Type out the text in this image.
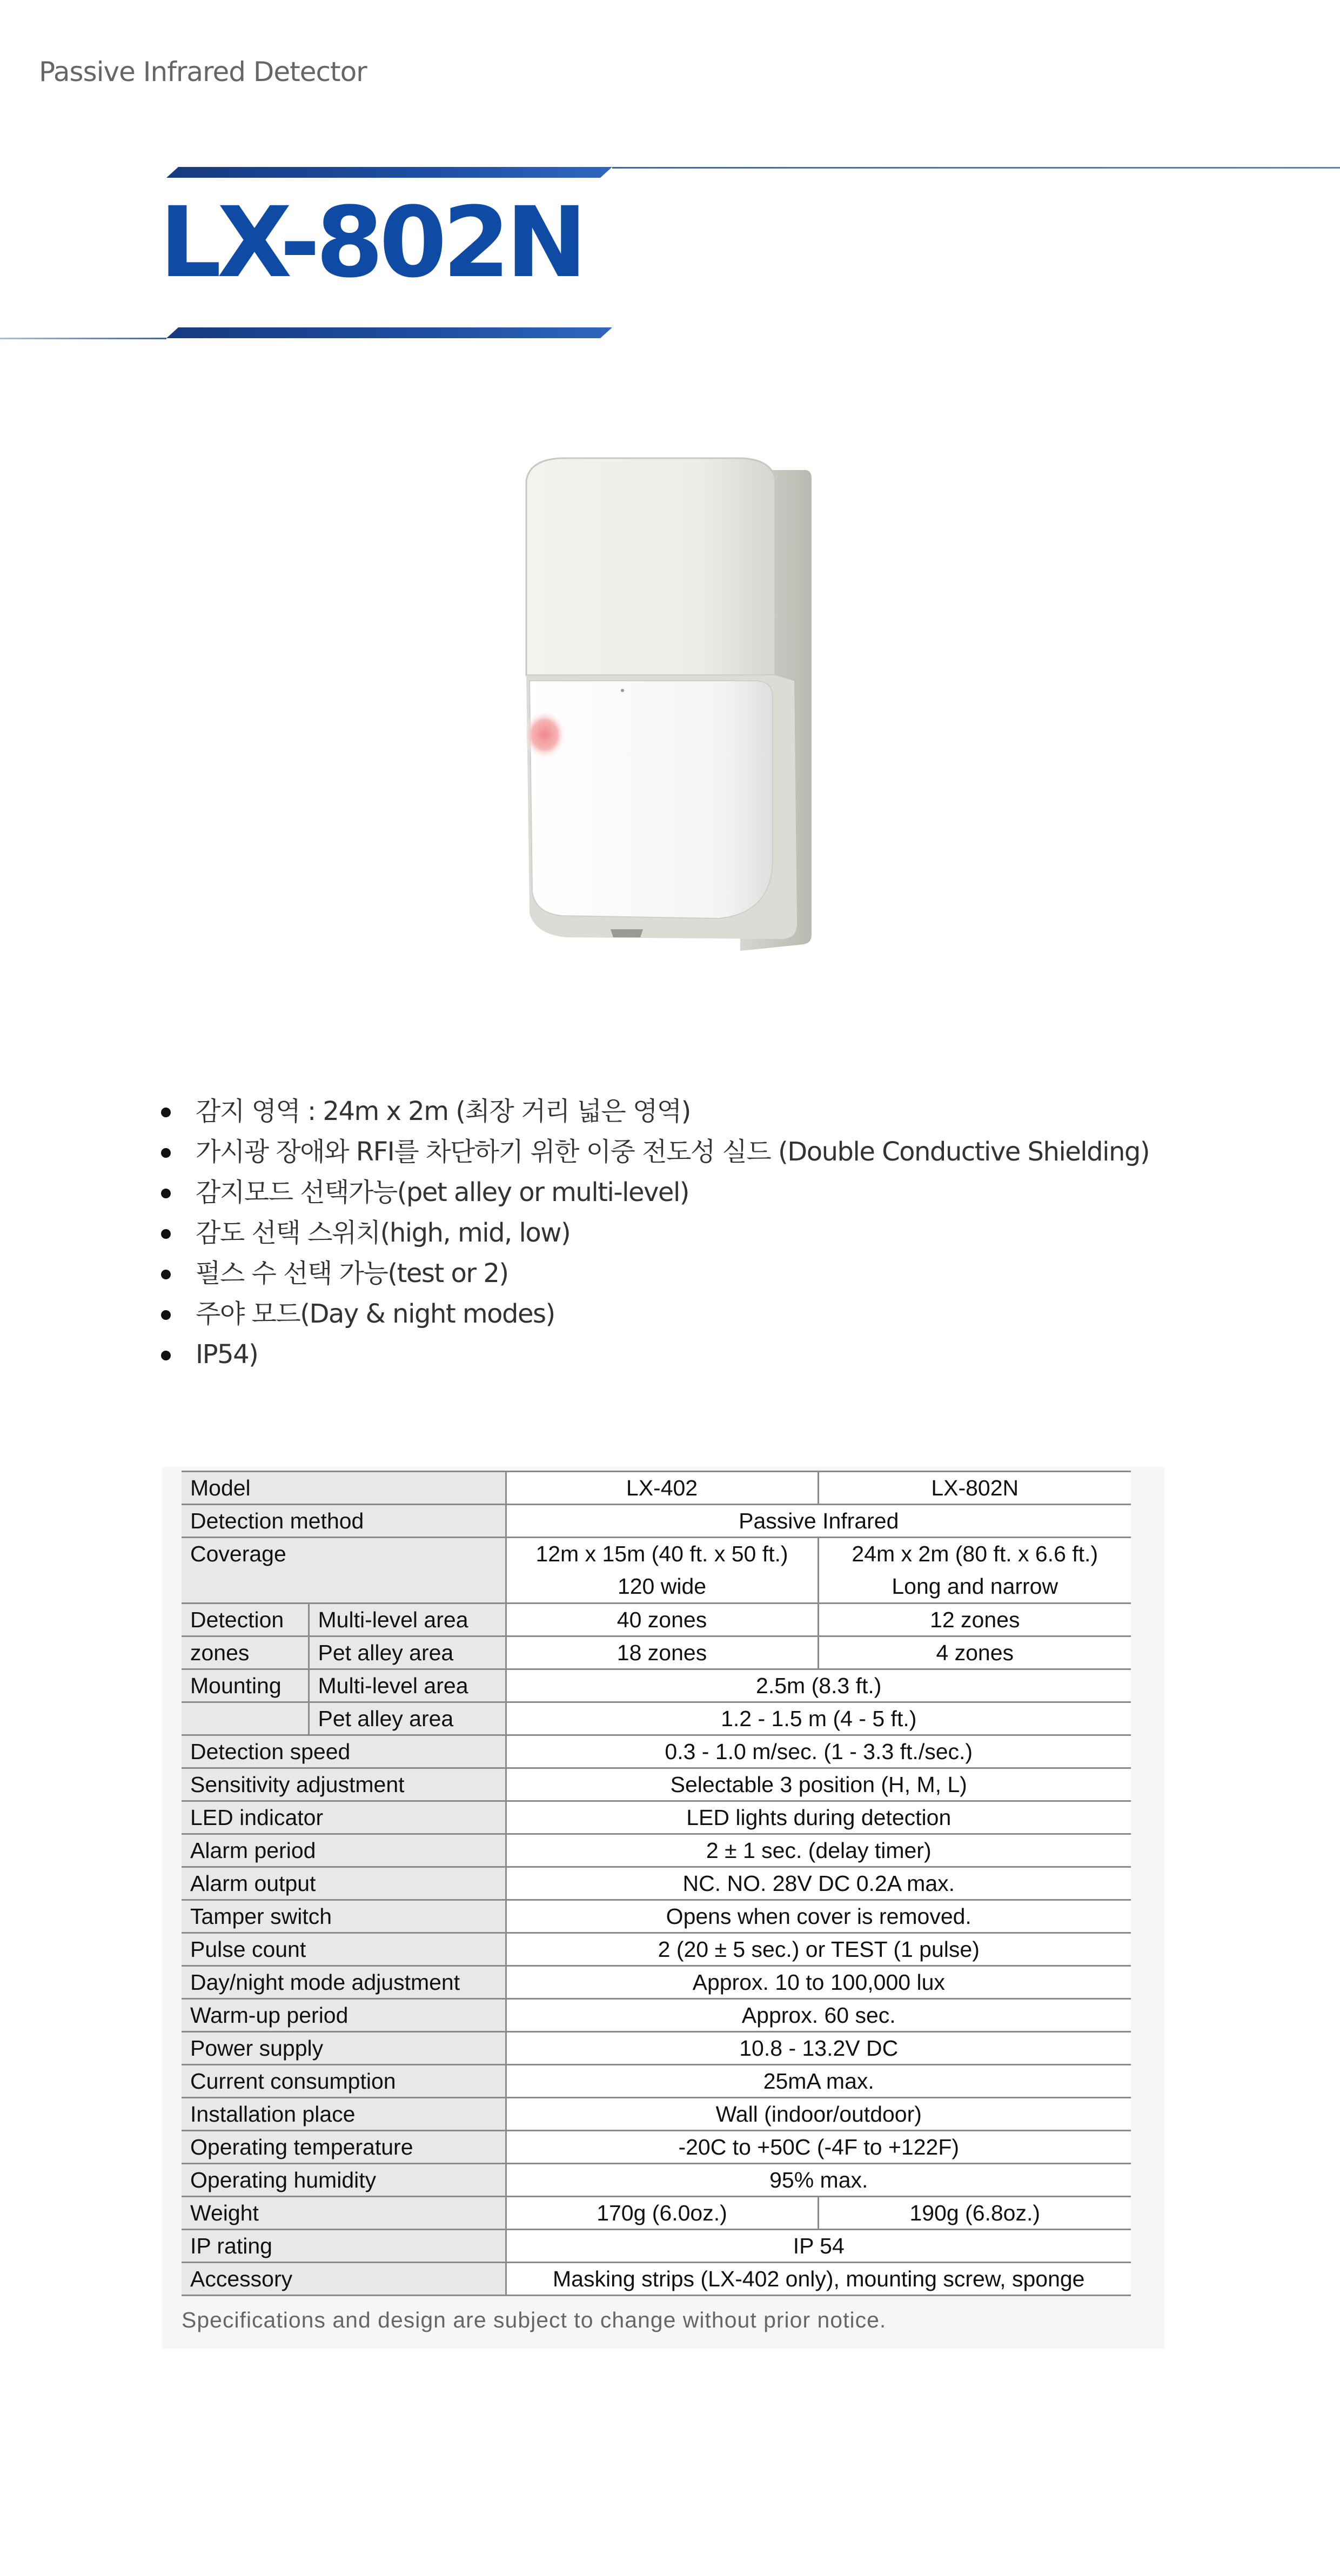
Passive Infrared Detector
LX-802N
감지 영역 : 24m x 2m (최장 거리 넓은 영역)
가시광 장애와 RFI를 차단하기 위한 이중 전도성 실드 (Double Conductive Shielding)
감지모드 선택가능(pet alley or multi-level)
감도 선택 스위치(high, mid, low)
펄스 수 선택 가능(test or 2)
주야 모드(Day & night modes)
IP54)
Model		LX-402	LX-802N
Detection method		Passive Infrared	
Coverage		12m x 15m (40 ft. x 50 ft.)	24m x 2m (80 ft. x 6.6 ft.)
		120 wide	Long and narrow
Detection	Multi-level area	40 zones	12 zones
zones	Pet alley area	18 zones	4 zones
Mounting	Multi-level area	2.5m (8.3 ft.)	
	Pet alley area	1.2 - 1.5 m (4 - 5 ft.)	
Detection speed		0.3 - 1.0 m/sec. (1 - 3.3 ft./sec.)	
Sensitivity adjustment		Selectable 3 position (H, M, L)	
LED indicator		LED lights during detection	
Alarm period		2 ± 1 sec. (delay timer)	
Alarm output		NC. NO. 28V DC 0.2A max.	
Tamper switch		Opens when cover is removed.	
Pulse count		2 (20 ± 5 sec.) or TEST (1 pulse)	
Day/night mode adjustment		Approx. 10 to 100,000 lux	
Warm-up period		Approx. 60 sec.	
Power supply		10.8 - 13.2V DC	
Current consumption		25mA max.	
Installation place		Wall (indoor/outdoor)	
Operating temperature		-20C to +50C (-4F to +122F)	
Operating humidity		95% max.	
Weight		170g (6.0oz.)	190g (6.8oz.)
IP rating		IP 54	
Accessory		Masking strips (LX-402 only), mounting screw, sponge	
Specifications and design are subject to change without prior notice.
